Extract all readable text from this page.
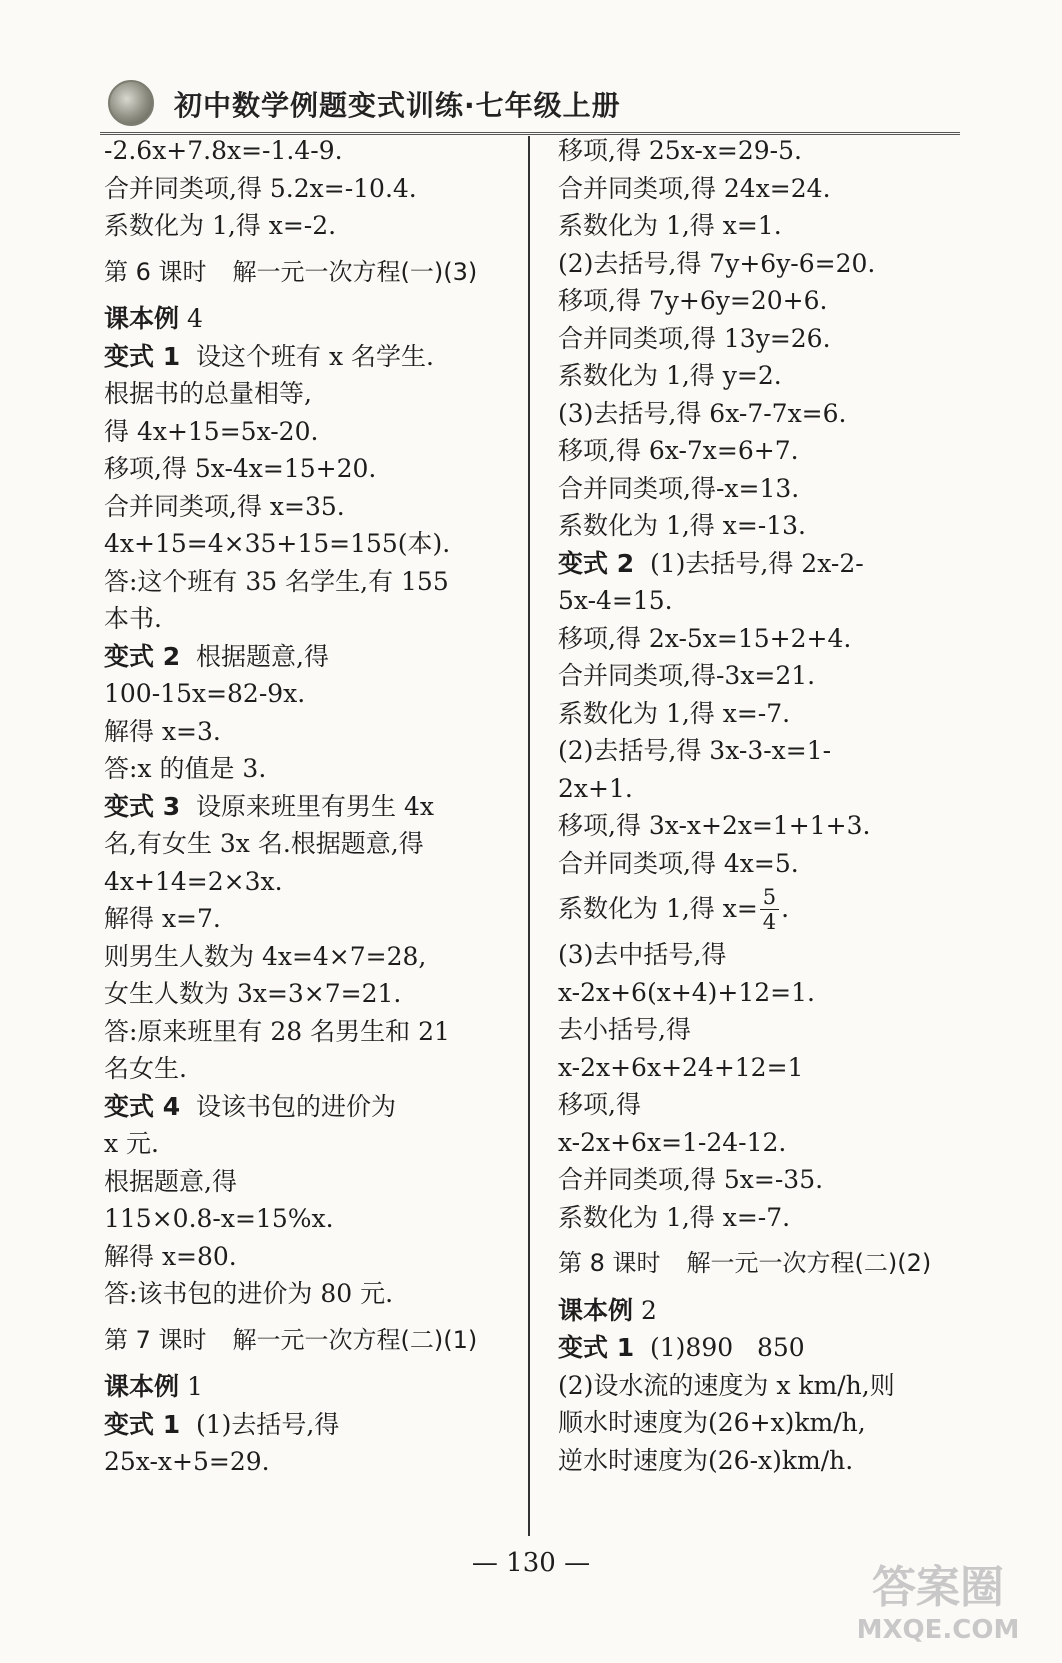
初中数学例题变式训练·七年级上册
-2.6x+7.8x=-1.4-9.
合并同类项,得 5.2x=-10.4.
系数化为 1,得 x=-2.
第 6 课时 解一元一次方程(一)(3)
课本例 4
变式 1  设这个班有 x 名学生.
根据书的总量相等,
得 4x+15=5x-20.
移项,得 5x-4x=15+20.
合并同类项,得 x=35.
4x+15=4×35+15=155(本).
答:这个班有 35 名学生,有 155
本书.
变式 2  根据题意,得
100-15x=82-9x.
解得 x=3.
答:x 的值是 3.
变式 3  设原来班里有男生 4x
名,有女生 3x 名.根据题意,得
4x+14=2×3x.
解得 x=7.
则男生人数为 4x=4×7=28,
女生人数为 3x=3×7=21.
答:原来班里有 28 名男生和 21
名女生.
变式 4  设该书包的进价为
x 元.
根据题意,得
115×0.8-x=15%x.
解得 x=80.
答:该书包的进价为 80 元.
第 7 课时 解一元一次方程(二)(1)
课本例 1
变式 1  (1)去括号,得
25x-x+5=29.
移项,得 25x-x=29-5.
合并同类项,得 24x=24.
系数化为 1,得 x=1.
(2)去括号,得 7y+6y-6=20.
移项,得 7y+6y=20+6.
合并同类项,得 13y=26.
系数化为 1,得 y=2.
(3)去括号,得 6x-7-7x=6.
移项,得 6x-7x=6+7.
合并同类项,得-x=13.
系数化为 1,得 x=-13.
变式 2  (1)去括号,得 2x-2-
5x-4=15.
移项,得 2x-5x=15+2+4.
合并同类项,得-3x=21.
系数化为 1,得 x=-7.
(2)去括号,得 3x-3-x=1-
2x+1.
移项,得 3x-x+2x=1+1+3.
合并同类项,得 4x=5.
系数化为 1,得 $x= \frac{5}{4}$ .
(3)去中括号,得
x-2x+6(x+4)+12=1.
去小括号,得
x-2x+6x+24+12=1
移项,得
x-2x+6x=1-24-12.
合并同类项,得 5x=-35.
系数化为 1,得 x=-7.
第 8 课时 解一元一次方程(二)(2)
课本例 2
变式 1  (1)890   850
(2)设水流的速度为 x km/h,则
顺水时速度为(26+x)km/h,
逆水时速度为(26-x)km/h.
— 130 —	答案圈
MXQE.COM
